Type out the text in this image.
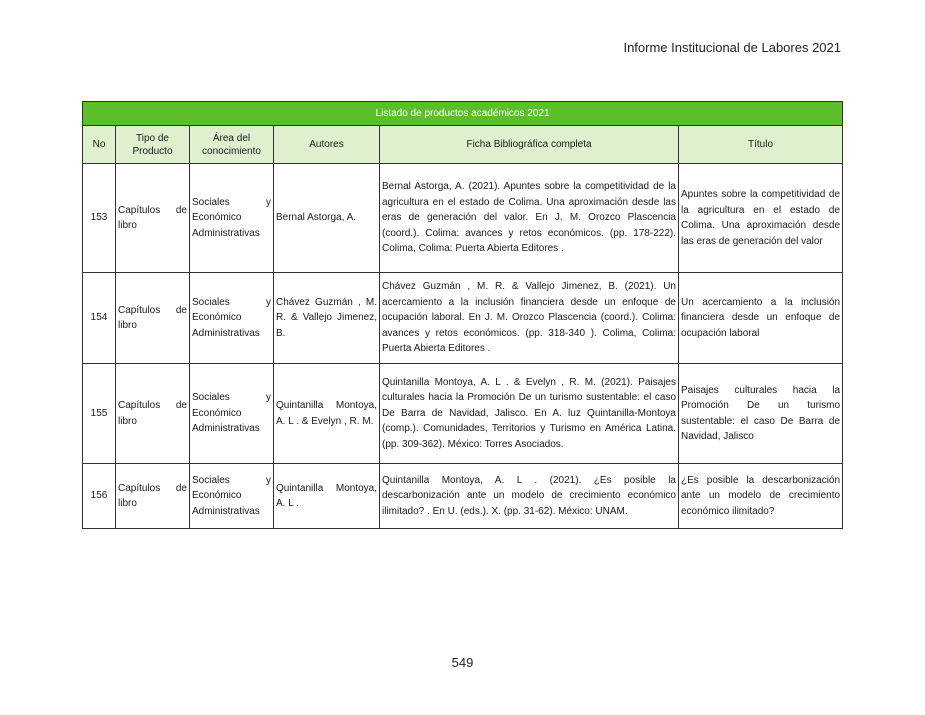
Informe Institucional de Labores 2021
Listado de productos académicos 2021					
No	Tipo de Producto	Área del conocimiento	Autores	Ficha Bibliográfica completa	Título
153	Capítulos de libro	Sociales y Económico Administrativas	Bernal Astorga, A.	Bernal Astorga, A. (2021). Apuntes sobre la competitividad de la agricultura en el estado de Colima. Una aproximación desde las eras de generación del valor. En J. M. Orozco Plascencia (coord.). Colima: avances y retos económicos. (pp. 178-222). Colima, Colima: Puerta Abierta Editores .	Apuntes sobre la competitividad de la agricultura en el estado de Colima. Una aproximación desde las eras de generación del valor
154	Capítulos de libro	Sociales y Económico Administrativas	Chávez Guzmán , M. R. & Vallejo Jimenez, B.	Chávez Guzmán , M. R. & Vallejo Jimenez, B. (2021). Un acercamiento a la inclusión financiera desde un enfoque de ocupación laboral. En J. M. Orozco Plascencia (coord.). Colima: avances y retos económicos. (pp. 318-340 ). Colima, Colima: Puerta Abierta Editores .	Un acercamiento a la inclusión financiera desde un enfoque de ocupación laboral
155	Capítulos de libro	Sociales y Económico Administrativas	Quintanilla Montoya, A. L . & Evelyn , R. M.	Quintanilla Montoya, A. L . & Evelyn , R. M. (2021). Paisajes culturales hacia la Promoción De un turismo sustentable: el caso De Barra de Navidad, Jalisco. En A. luz Quintanilla-Montoya (comp.). Comunidades, Territorios y Turismo en América Latina. (pp. 309-362). México: Torres Asociados.	Paisajes culturales hacia la Promoción De un turismo sustentable: el caso De Barra de Navidad, Jalisco
156	Capítulos de libro	Sociales y Económico Administrativas	Quintanilla Montoya, A. L .	Quintanilla Montoya, A. L . (2021). ¿Es posible la descarbonización ante un modelo de crecimiento económico ilimitado? . En U. (eds.). X. (pp. 31-62). México: UNAM.	¿Es posible la descarbonización ante un modelo de crecimiento económico ilimitado?
549
